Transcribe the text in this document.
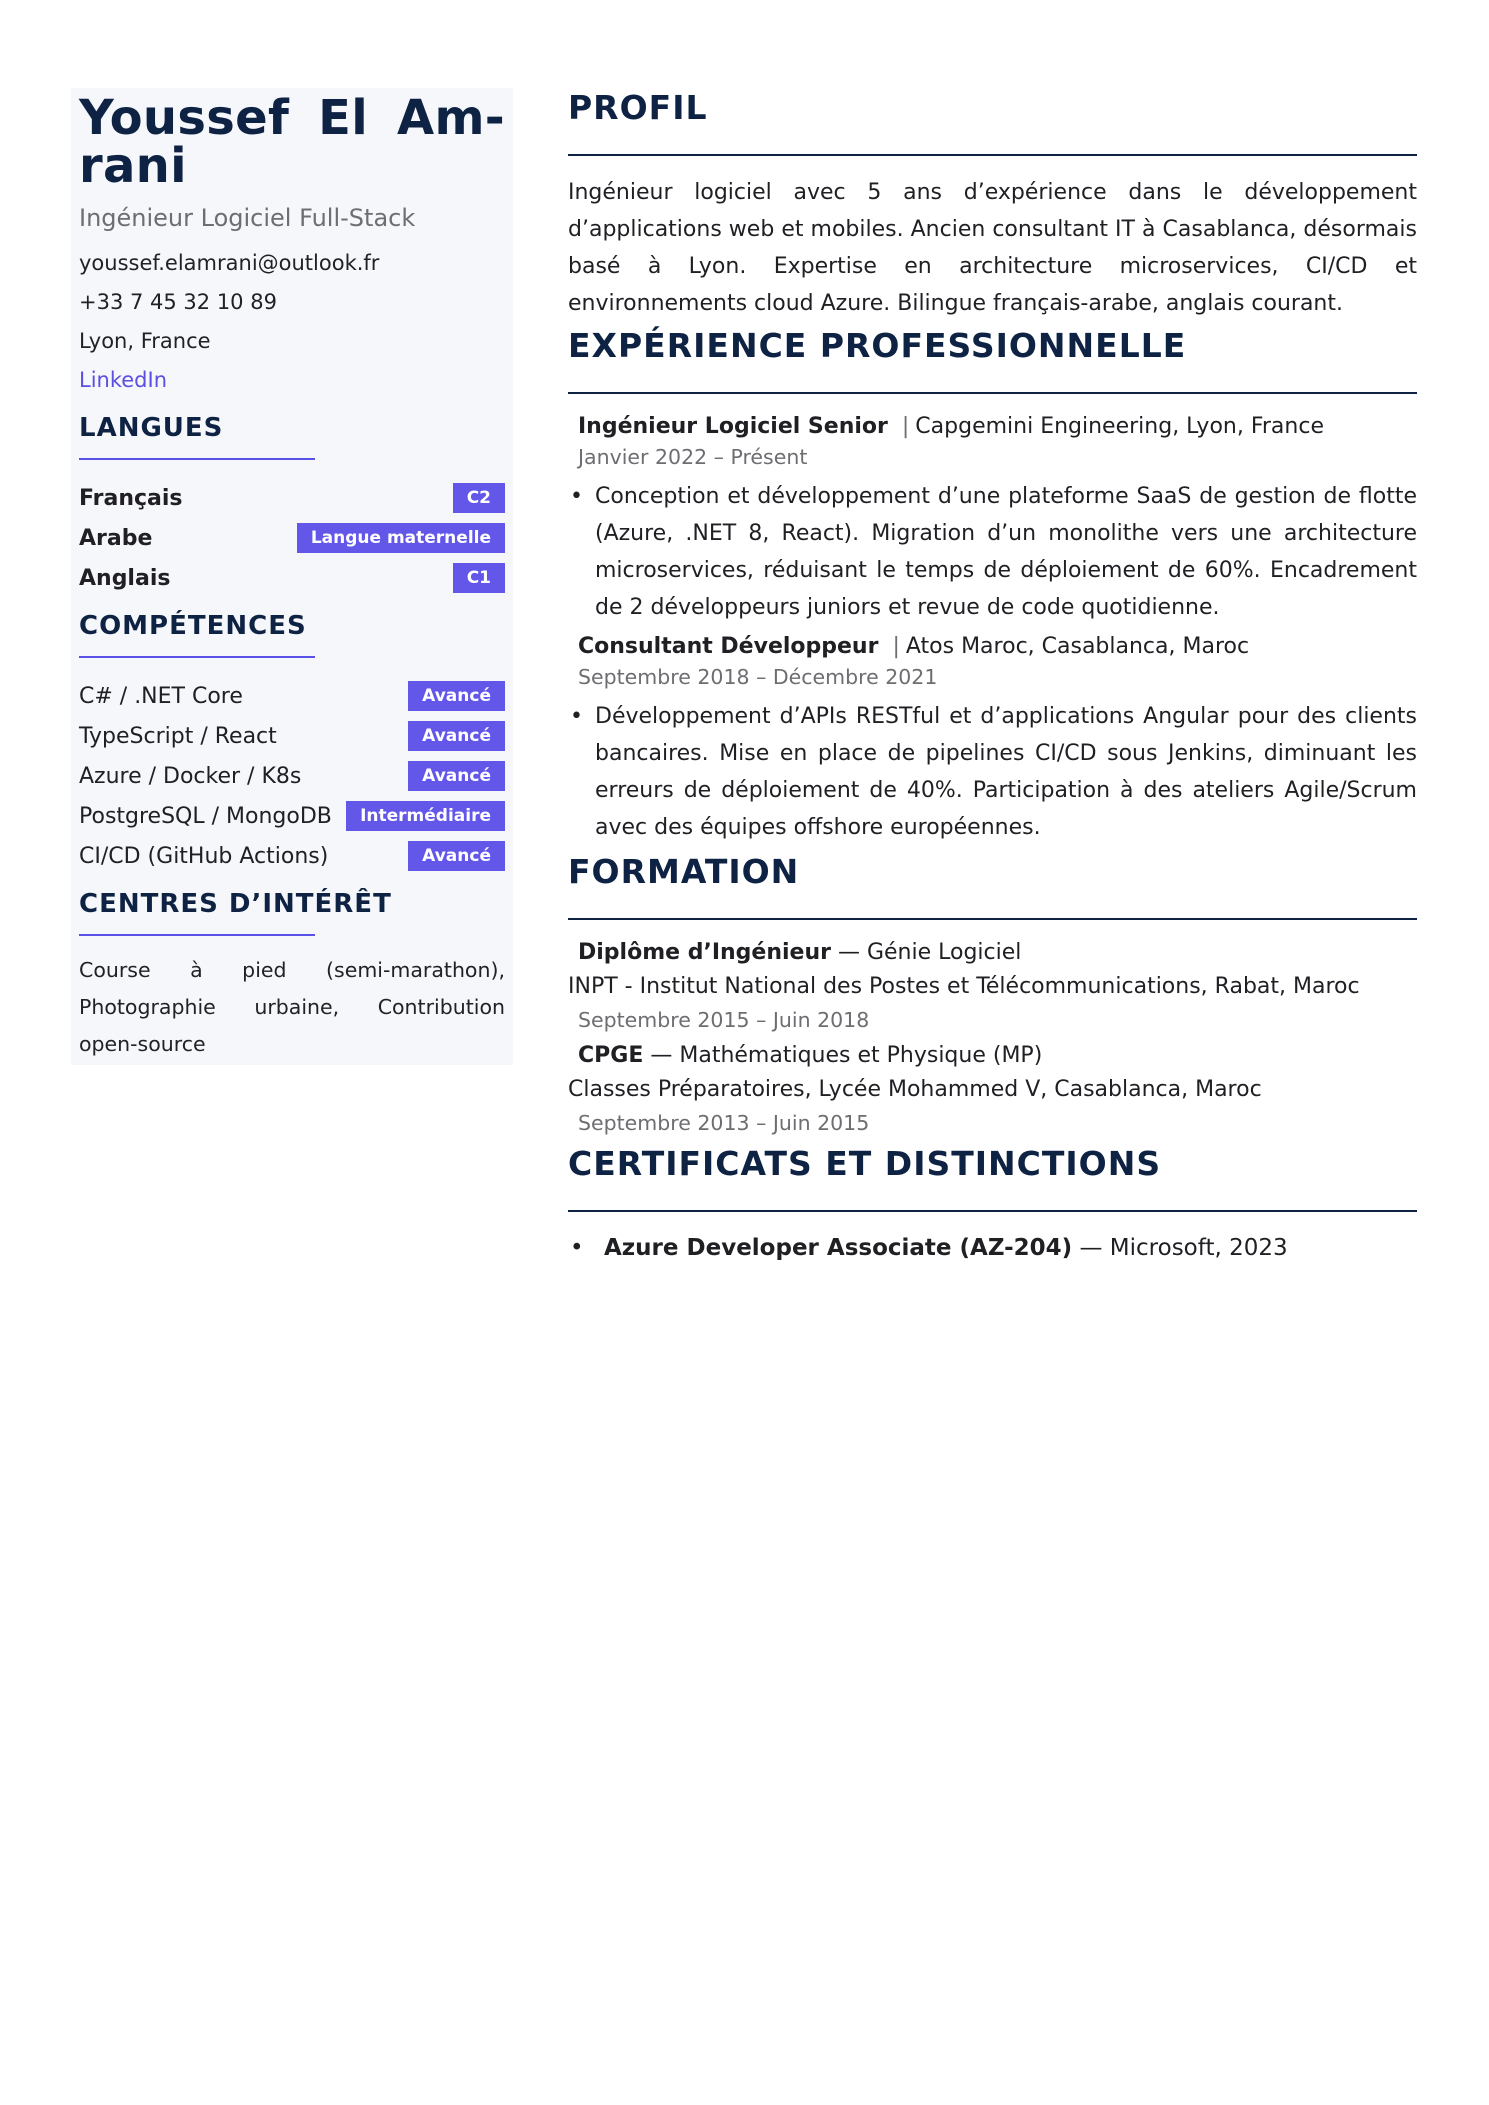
Youssef El Am-
rani
Ingénieur Logiciel Full-Stack
youssef.elamrani@outlook.fr
+33 7 45 32 10 89
Lyon, France
LinkedIn
LANGUES
Français	C2
Arabe	Langue maternelle
Anglais	C1
COMPÉTENCES
C# / .NET Core	Avancé
TypeScript / React	Avancé
Azure / Docker / K8s	Avancé
PostgreSQL / MongoDB	Intermédiaire
CI/CD (GitHub Actions)	Avancé
CENTRES D’INTÉRÊT
Course à pied (semi-marathon), Photographie urbaine, Contribution open-source
PROFIL

Ingénieur logiciel avec 5 ans d’expérience dans le développement d’applications web et mobiles. Ancien consultant IT à Casablanca, désormais basé à Lyon. Expertise en architecture microservices, CI/CD et environnements cloud Azure. Bilingue français-arabe, anglais courant.

EXPÉRIENCE PROFESSIONNELLE
Ingénieur Logiciel Senior | Capgemini Engineering, Lyon, France
Janvier 2022 – Présent
• Conception et développement d’une plateforme SaaS de gestion de flotte (Azure, .NET 8, React). Migration d’un monolithe vers une architecture microservices, réduisant le temps de déploiement de 60%. Encadrement de 2 développeurs juniors et revue de code quotidienne.
Consultant Développeur | Atos Maroc, Casablanca, Maroc
Septembre 2018 – Décembre 2021
• Développement d’APIs RESTful et d’applications Angular pour des clients bancaires. Mise en place de pipelines CI/CD sous Jenkins, diminuant les erreurs de déploiement de 40%. Participation à des ateliers Agile/Scrum avec des équipes offshore européennes.
FORMATION
Diplôme d’Ingénieur — Génie Logiciel
INPT - Institut National des Postes et Télécommunications, Rabat, Maroc
Septembre 2015 – Juin 2018
CPGE — Mathématiques et Physique (MP)
Classes Préparatoires, Lycée Mohammed V, Casablanca, Maroc
Septembre 2013 – Juin 2015
CERTIFICATS ET DISTINCTIONS
• Azure Developer Associate (AZ-204) — Microsoft, 2023
